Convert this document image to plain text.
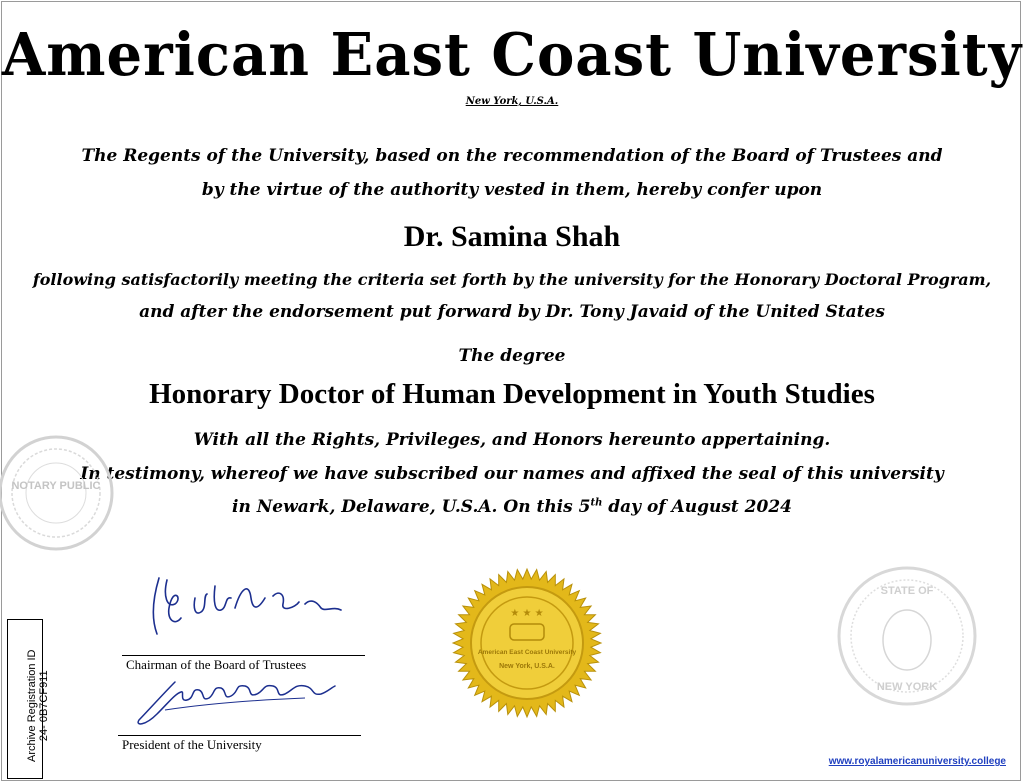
American East Coast University
New York, U.S.A.
The Regents of the University, based on the recommendation of the Board of Trustees and
by the virtue of the authority vested in them, hereby confer upon
Dr. Samina Shah
following satisfactorily meeting the criteria set forth by the university for the Honorary Doctoral Program,
and after the endorsement put forward by Dr. Tony Javaid of the United States
The degree
Honorary Doctor of Human Development in Youth Studies
With all the Rights, Privileges, and Honors hereunto appertaining.
In testimony, whereof we have subscribed our names and affixed the seal of this university
in Newark, Delaware, U.S.A. On this 5th day of August 2024
NOTARY PUBLIC
Chairman of the Board of Trustees
President of the University
★ ★ ★
American East Coast University
New York, U.S.A.
STATE OF
NEW YORK
Archive Registration ID 24- 0B7CF911
www.royalamericanuniversity.college
